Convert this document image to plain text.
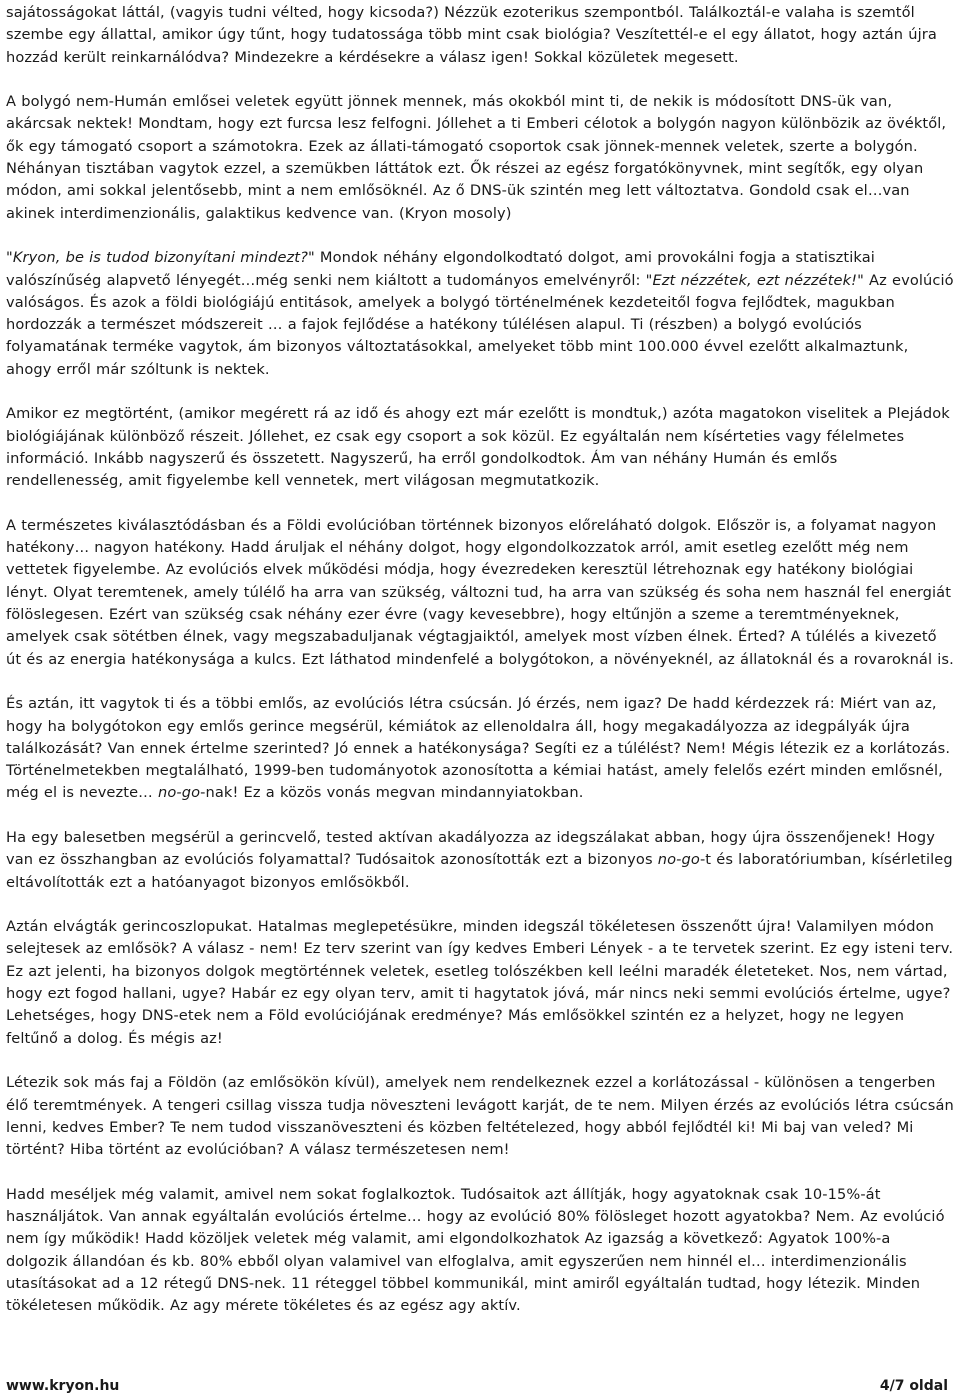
sajátosságokat láttál, (vagyis tudni vélted, hogy kicsoda?) Nézzük ezoterikus szempontból. Találkoztál-e valaha is szemtől szembe egy állattal, amikor úgy tűnt, hogy tudatossága több mint csak biológia? Veszítettél-e el egy állatot, hogy aztán újra hozzád került reinkarnálódva? Mindezekre a kérdésekre a válasz igen! Sokkal közületek megesett.

A bolygó nem-Humán emlősei veletek együtt jönnek mennek, más okokból mint ti, de nekik is módosított DNS-ük van, akárcsak nektek! Mondtam, hogy ezt furcsa lesz felfogni. Jóllehet a ti Emberi célotok a bolygón nagyon különbözik az övéktől, ők egy támogató csoport a számotokra. Ezek az állati-támogató csoportok csak jönnek-mennek veletek, szerte a bolygón. Néhányan tisztában vagytok ezzel, a szemükben láttátok ezt. Ők részei az egész forgatókönyvnek, mint segítők, egy olyan módon, ami sokkal jelentősebb, mint a nem emlősöknél. Az ő DNS-ük szintén meg lett változtatva. Gondold csak el…van akinek interdimenzionális, galaktikus kedvence van. (Kryon mosoly)

"Kryon, be is tudod bizonyítani mindezt?" Mondok néhány elgondolkodtató dolgot, ami provokálni fogja a statisztikai valószínűség alapvető lényegét…még senki nem kiáltott a tudományos emelvényről: "Ezt nézzétek, ezt nézzétek!" Az evolúció valóságos. És azok a földi biológiájú entitások, amelyek a bolygó történelmének kezdeteitől fogva fejlődtek, magukban hordozzák a természet módszereit … a fajok fejlődése a hatékony túlélésen alapul. Ti (részben) a bolygó evolúciós folyamatának terméke vagytok, ám bizonyos változtatásokkal, amelyeket több mint 100.000 évvel ezelőtt alkalmaztunk, ahogy erről már szóltunk is nektek.

Amikor ez megtörtént, (amikor megérett rá az idő és ahogy ezt már ezelőtt is mondtuk,) azóta magatokon viselitek a Plejádok biológiájának különböző részeit. Jóllehet, ez csak egy csoport a sok közül. Ez egyáltalán nem kísérteties vagy félelmetes információ. Inkább nagyszerű és összetett. Nagyszerű, ha erről gondolkodtok. Ám van néhány Humán és emlős rendellenesség, amit figyelembe kell vennetek, mert világosan megmutatkozik.

A természetes kiválasztódásban és a Földi evolúcióban történnek bizonyos előreláható dolgok. Először is, a folyamat nagyon hatékony… nagyon hatékony. Hadd áruljak el néhány dolgot, hogy elgondolkozzatok arról, amit esetleg ezelőtt még nem vettetek figyelembe. Az evolúciós elvek működési módja, hogy évezredeken keresztül létrehoznak egy hatékony biológiai lényt. Olyat teremtenek, amely túlélő ha arra van szükség, változni tud, ha arra van szükség és soha nem használ fel energiát fölöslegesen. Ezért van szükség csak néhány ezer évre (vagy kevesebbre), hogy eltűnjön a szeme a teremtményeknek, amelyek csak sötétben élnek, vagy megszabaduljanak végtagjaiktól, amelyek most vízben élnek. Érted? A túlélés a kivezető út és az energia hatékonysága a kulcs. Ezt láthatod mindenfelé a bolygótokon, a növényeknél, az állatoknál és a rovaroknál is.

És aztán, itt vagytok ti és a többi emlős, az evolúciós létra csúcsán. Jó érzés, nem igaz? De hadd kérdezzek rá: Miért van az, hogy ha bolygótokon egy emlős gerince megsérül, kémiátok az ellenoldalra áll, hogy megakadályozza az idegpályák újra találkozását? Van ennek értelme szerinted? Jó ennek a hatékonysága? Segíti ez a túlélést? Nem! Mégis létezik ez a korlátozás. Történelmetekben megtalálható, 1999-ben tudományotok azonosította a kémiai hatást, amely felelős ezért minden emlősnél, még el is nevezte… no-go-nak! Ez a közös vonás megvan mindannyiatokban.

Ha egy balesetben megsérül a gerincvelő, tested aktívan akadályozza az idegszálakat abban, hogy újra összenőjenek! Hogy van ez összhangban az evolúciós folyamattal? Tudósaitok azonosították ezt a bizonyos no-go-t és laboratóriumban, kísérletileg eltávolították ezt a hatóanyagot bizonyos emlősökből.

Aztán elvágták gerincoszlopukat. Hatalmas meglepetésükre, minden idegszál tökéletesen összenőtt újra! Valamilyen módon selejtesek az emlősök? A válasz - nem! Ez terv szerint van így kedves Emberi Lények - a te tervetek szerint. Ez egy isteni terv. Ez azt jelenti, ha bizonyos dolgok megtörténnek veletek, esetleg tolószékben kell leélni maradék életeteket. Nos, nem vártad, hogy ezt fogod hallani, ugye? Habár ez egy olyan terv, amit ti hagytatok jóvá, már nincs neki semmi evolúciós értelme, ugye? Lehetséges, hogy DNS-etek nem a Föld evolúciójának eredménye? Más emlősökkel szintén ez a helyzet, hogy ne legyen feltűnő a dolog. És mégis az!

Létezik sok más faj a Földön (az emlősökön kívül), amelyek nem rendelkeznek ezzel a korlátozással - különösen a tengerben élő teremtmények. A tengeri csillag vissza tudja növeszteni levágott karját, de te nem. Milyen érzés az evolúciós létra csúcsán lenni, kedves Ember? Te nem tudod visszanöveszteni és közben feltételezed, hogy abból fejlődtél ki! Mi baj van veled? Mi történt? Hiba történt az evolúcióban? A válasz természetesen nem!

Hadd meséljek még valamit, amivel nem sokat foglalkoztok. Tudósaitok azt állítják, hogy agyatoknak csak 10-15%-át használjátok. Van annak egyáltalán evolúciós értelme… hogy az evolúció 80% fölösleget hozott agyatokba? Nem. Az evolúció nem így működik! Hadd közöljek veletek még valamit, ami elgondolkozhatok Az igazság a következő: Agyatok 100%-a dolgozik állandóan és kb. 80% ebből olyan valamivel van elfoglalva, amit egyszerűen nem hinnél el… interdimenzionális utasításokat ad a 12 rétegű DNS-nek. 11 réteggel többel kommunikál, mint amiről egyáltalán tudtad, hogy létezik. Minden tökéletesen működik. Az agy mérete tökéletes és az egész agy aktív.

www.kryon.hu	4/7 oldal
